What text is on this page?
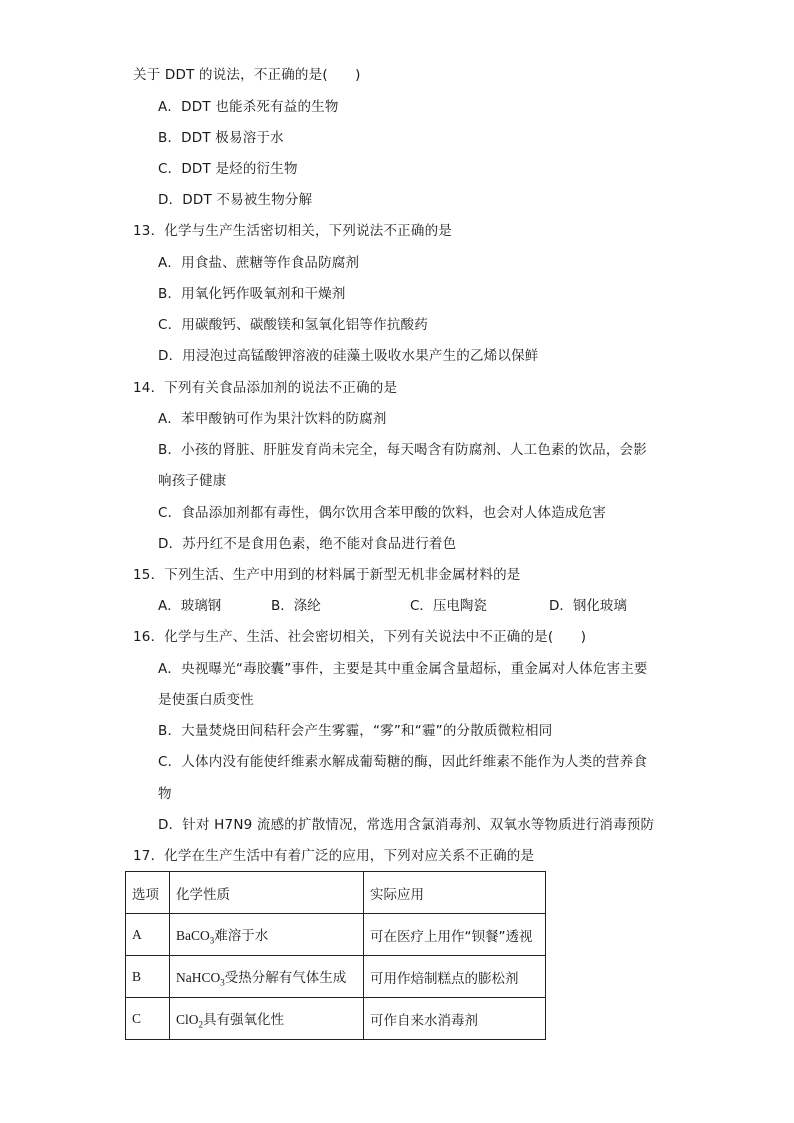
关于 DDT 的说法，不正确的是(　　)
A．DDT 也能杀死有益的生物
B．DDT 极易溶于水
C．DDT 是烃的衍生物
D．DDT 不易被生物分解
13．化学与生产生活密切相关，下列说法不正确的是
A．用食盐、蔗糖等作食品防腐剂
B．用氧化钙作吸氧剂和干燥剂
C．用碳酸钙、碳酸镁和氢氧化铝等作抗酸药
D．用浸泡过高锰酸钾溶液的硅藻土吸收水果产生的乙烯以保鲜
14．下列有关食品添加剂的说法不正确的是
A．苯甲酸钠可作为果汁饮料的防腐剂
B．小孩的肾脏、肝脏发育尚未完全，每天喝含有防腐剂、人工色素的饮品，会影
响孩子健康
C．食品添加剂都有毒性，偶尔饮用含苯甲酸的饮料，也会对人体造成危害
D．苏丹红不是食用色素，绝不能对食品进行着色
15．下列生活、生产中用到的材料属于新型无机非金属材料的是
A．玻璃钢	B．涤纶	C．压电陶瓷	D．钢化玻璃
16．化学与生产、生活、社会密切相关，下列有关说法中不正确的是(　　)
A．央视曝光“毒胶囊”事件，主要是其中重金属含量超标，重金属对人体危害主要
是使蛋白质变性
B．大量焚烧田间秸秆会产生雾霾，“雾”和“霾”的分散质微粒相同
C．人体内没有能使纤维素水解成葡萄糖的酶，因此纤维素不能作为人类的营养食
物
D．针对 H7N9 流感的扩散情况，常选用含氯消毒剂、双氧水等物质进行消毒预防
17．化学在生产生活中有着广泛的应用，下列对应关系不正确的是
选项	化学性质	实际应用
A	BaCO$_3$难溶于水	可在医疗上用作“钡餐”透视
B	NaHCO$_3$受热分解有气体生成	可用作焙制糕点的膨松剂
C	ClO$_2$具有强氧化性	可作自来水消毒剂
